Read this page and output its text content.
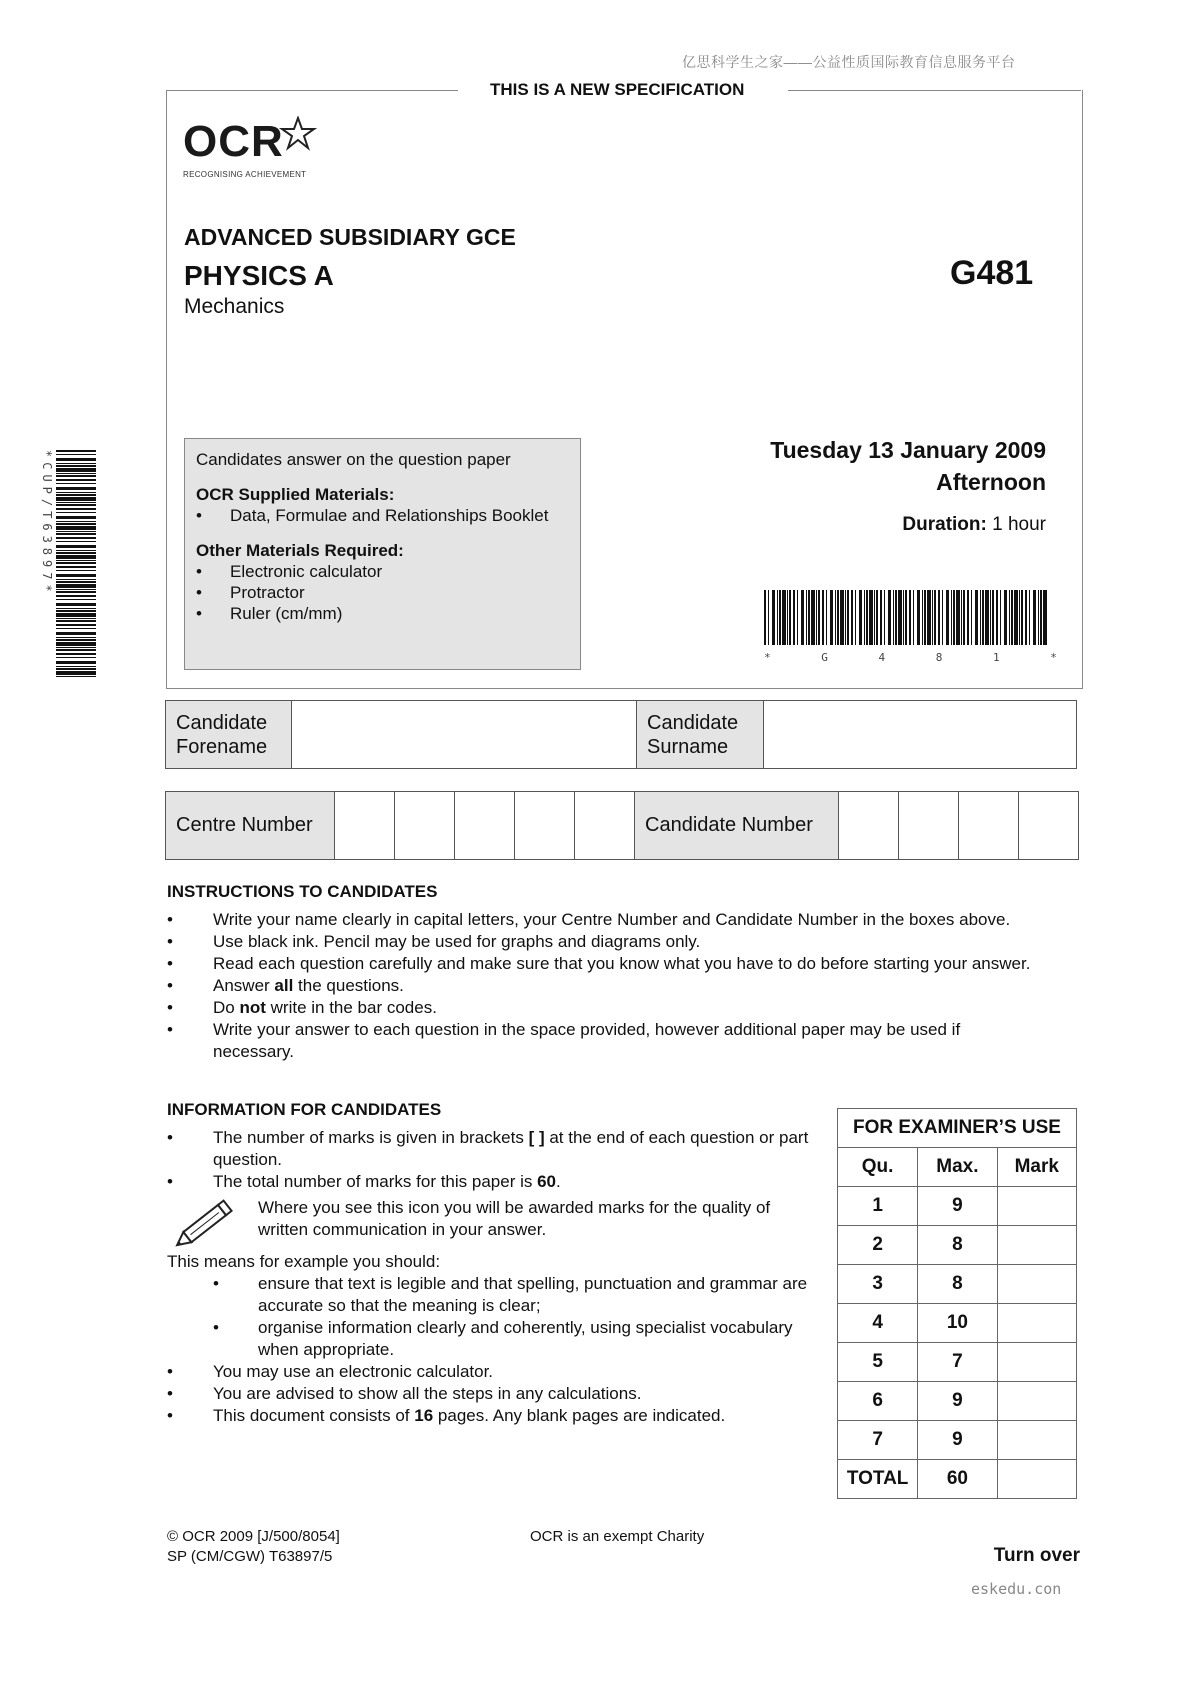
亿思科学生之家——公益性质国际教育信息服务平台
THIS IS A NEW SPECIFICATION
OCR
RECOGNISING ACHIEVEMENT
ADVANCED SUBSIDIARY GCE
PHYSICS A
Mechanics
G481
Candidates answer on the question paper
OCR Supplied Materials:
• Data, Formulae and Relationships Booklet
Other Materials Required:
• Electronic calculator
• Protractor
• Ruler (cm/mm)
Tuesday 13 January 2009
Afternoon
Duration: 1 hour
* G 4 8 1 *
*CUP/T63897*
Candidate
Forename

Candidate
Surname

Centre Number						Candidate Number				
INSTRUCTIONS TO CANDIDATES
• Write your name clearly in capital letters, your Centre Number and Candidate Number in the boxes above.
• Use black ink. Pencil may be used for graphs and diagrams only.
• Read each question carefully and make sure that you know what you have to do before starting your answer.
• Answer all the questions.
• Do not write in the bar codes.
• Write your answer to each question in the space provided, however additional paper may be used if necessary.
INFORMATION FOR CANDIDATES
• The number of marks is given in brackets [ ] at the end of each question or part question.
• The total number of marks for this paper is 60.
Where you see this icon you will be awarded marks for the quality of written communication in your answer.
This means for example you should:
• ensure that text is legible and that spelling, punctuation and grammar are accurate so that the meaning is clear;
• organise information clearly and coherently, using specialist vocabulary when appropriate.
• You may use an electronic calculator.
• You are advised to show all the steps in any calculations.
• This document consists of 16 pages. Any blank pages are indicated.
FOR EXAMINER’S USE		
Qu.	Max.	Mark
1	9	
2	8	
3	8	
4	10	
5	7	
6	9	
7	9	
TOTAL	60	
© OCR 2009 [J/500/8054]
SP (CM/CGW) T63897/5
OCR is an exempt Charity
Turn over
eskedu.con
